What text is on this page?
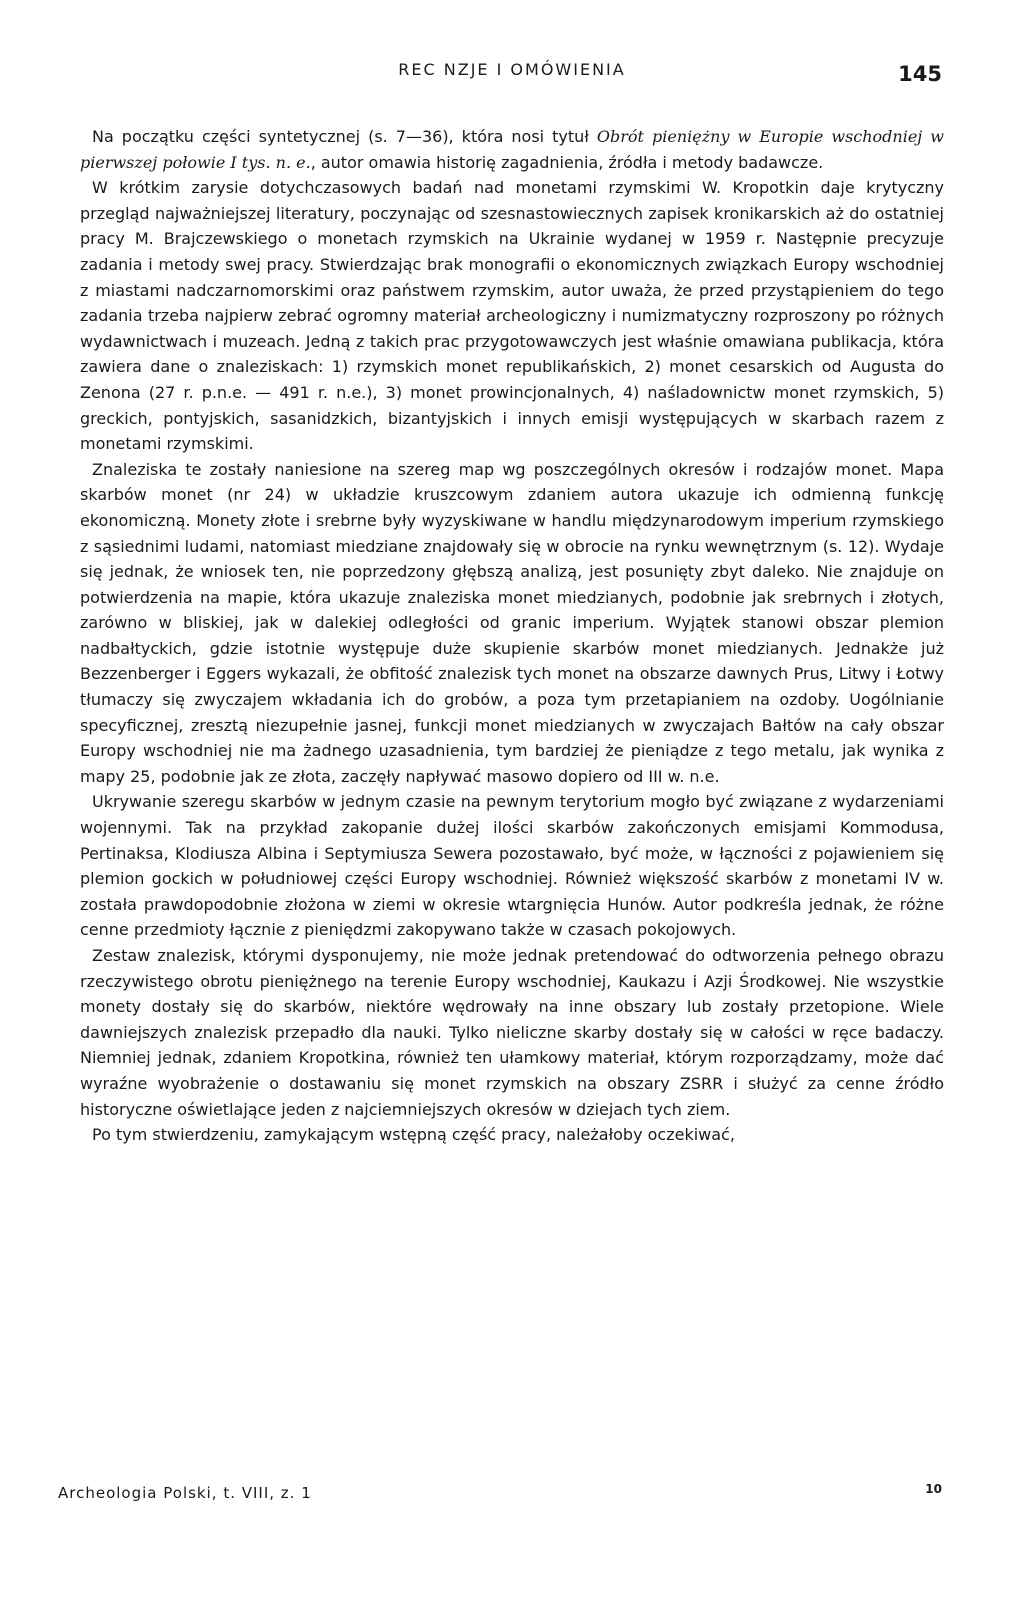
REC NZJE I OMÓWIENIA	145

Na początku części syntetycznej (s. 7—36), która nosi tytuł Obrót pieniężny w Europie wschodniej w pierwszej połowie I tys. n. e., autor omawia historię zagadnienia, źródła i metody badawcze.

W krótkim zarysie dotychczasowych badań nad monetami rzymskimi W. Kropotkin daje krytyczny przegląd najważniejszej literatury, poczynając od szesnastowiecznych zapisek kronikarskich aż do ostatniej pracy M. Brajczewskiego o monetach rzymskich na Ukrainie wydanej w 1959 r. Następnie precyzuje zadania i metody swej pracy. Stwierdzając brak monografii o ekonomicznych związkach Europy wschodniej z miastami nadczarnomorskimi oraz państwem rzymskim, autor uważa, że przed przystąpieniem do tego zadania trzeba najpierw zebrać ogromny materiał archeologiczny i numizmatyczny rozproszony po różnych wydawnictwach i muzeach. Jedną z takich prac przygotowawczych jest właśnie omawiana publikacja, która zawiera dane o znaleziskach: 1) rzymskich monet republikańskich, 2) monet cesarskich od Augusta do Zenona (27 r. p.n.e. — 491 r. n.e.), 3) monet prowincjonalnych, 4) naśladownictw monet rzymskich, 5) greckich, pontyjskich, sasanidzkich, bizantyjskich i innych emisji występujących w skarbach razem z monetami rzymskimi.

Znaleziska te zostały naniesione na szereg map wg poszczególnych okresów i rodzajów monet. Mapa skarbów monet (nr 24) w układzie kruszcowym zdaniem autora ukazuje ich odmienną funkcję ekonomiczną. Monety złote i srebrne były wyzyskiwane w handlu międzynarodowym imperium rzymskiego z sąsiednimi ludami, natomiast miedziane znajdowały się w obrocie na rynku wewnętrznym (s. 12). Wydaje się jednak, że wniosek ten, nie poprzedzony głębszą analizą, jest posunięty zbyt daleko. Nie znajduje on potwierdzenia na mapie, która ukazuje znaleziska monet miedzianych, podobnie jak srebrnych i złotych, zarówno w bliskiej, jak w dalekiej odległości od granic imperium. Wyjątek stanowi obszar plemion nadbałtyckich, gdzie istotnie występuje duże skupienie skarbów monet miedzianych. Jednakże już Bezzenberger i Eggers wykazali, że obfitość znalezisk tych monet na obszarze dawnych Prus, Litwy i Łotwy tłumaczy się zwyczajem wkładania ich do grobów, a poza tym przetapianiem na ozdoby. Uogólnianie specyficznej, zresztą niezupełnie jasnej, funkcji monet miedzianych w zwyczajach Bałtów na cały obszar Europy wschodniej nie ma żadnego uzasadnienia, tym bardziej że pieniądze z tego metalu, jak wynika z mapy 25, podobnie jak ze złota, zaczęły napływać masowo dopiero od III w. n.e.

Ukrywanie szeregu skarbów w jednym czasie na pewnym terytorium mogło być związane z wydarzeniami wojennymi. Tak na przykład zakopanie dużej ilości skarbów zakończonych emisjami Kommodusa, Pertinaksa, Klodiusza Albina i Septymiusza Sewera pozostawało, być może, w łączności z pojawieniem się plemion gockich w południowej części Europy wschodniej. Również większość skarbów z monetami IV w. została prawdopodobnie złożona w ziemi w okresie wtargnięcia Hunów. Autor podkreśla jednak, że różne cenne przedmioty łącznie z pieniędzmi zakopywano także w czasach pokojowych.

Zestaw znalezisk, którymi dysponujemy, nie może jednak pretendować do odtworzenia pełnego obrazu rzeczywistego obrotu pieniężnego na terenie Europy wschodniej, Kaukazu i Azji Środkowej. Nie wszystkie monety dostały się do skarbów, niektóre wędrowały na inne obszary lub zostały przetopione. Wiele dawniejszych znalezisk przepadło dla nauki. Tylko nieliczne skarby dostały się w całości w ręce badaczy. Niemniej jednak, zdaniem Kropotkina, również ten ułamkowy materiał, którym rozporządzamy, może dać wyraźne wyobrażenie o dostawaniu się monet rzymskich na obszary ZSRR i służyć za cenne źródło historyczne oświetlające jeden z najciemniejszych okresów w dziejach tych ziem.

Po tym stwierdzeniu, zamykającym wstępną część pracy, należałoby oczekiwać,

Archeologia Polski, t. VIII, z. 1	10
